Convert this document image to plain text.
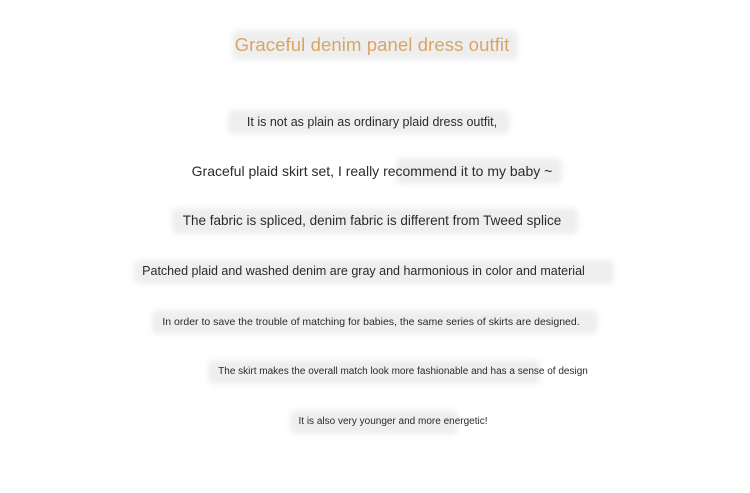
Graceful denim panel dress outfit
It is not as plain as ordinary plaid dress outfit,
Graceful plaid skirt set, I really recommend it to my baby ~
The fabric is spliced, denim fabric is different from Tweed splice
Patched plaid and washed denim are gray and harmonious in color and material
In order to save the trouble of matching for babies, the same series of skirts are designed.
The skirt makes the overall match look more fashionable and has a sense of design
It is also very younger and more energetic!
